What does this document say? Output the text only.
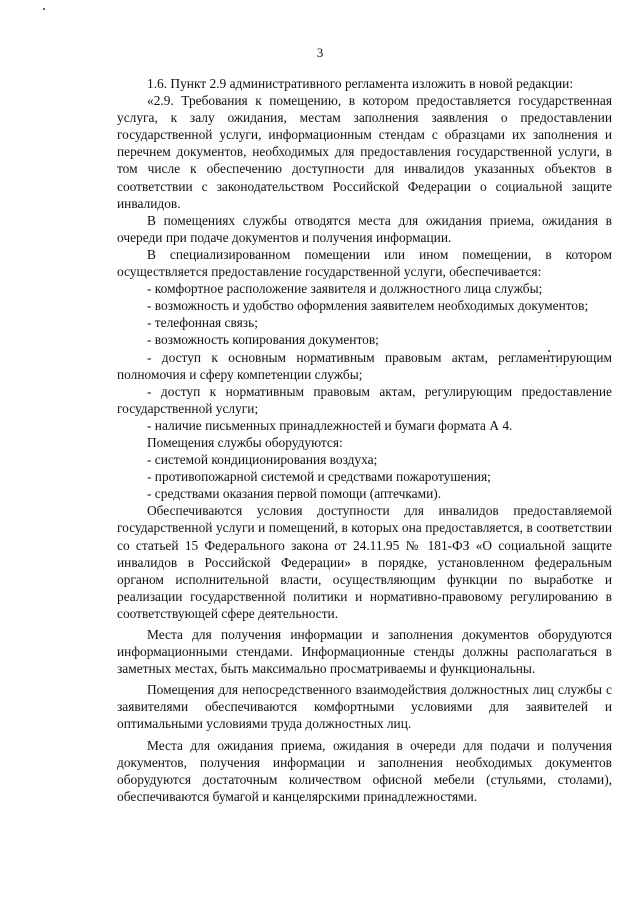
3

1.6. Пункт 2.9 административного регламента изложить в новой редакции:

«2.9. Требования к помещению, в котором предоставляется государственная услуга, к залу ожидания, местам заполнения заявления о предоставлении государственной услуги, информационным стендам с образцами их заполнения и перечнем документов, необходимых для предоставления государственной услуги, в том числе к обеспечению доступности для инвалидов указанных объектов в соответствии с законодательством Российской Федерации о социальной защите инвалидов.

В помещениях службы отводятся места для ожидания приема, ожидания в очереди при подаче документов и получения информации.

В специализированном помещении или ином помещении, в котором осуществляется предоставление государственной услуги, обеспечивается:

- комфортное расположение заявителя и должностного лица службы;

- возможность и удобство оформления заявителем необходимых документов;

- телефонная связь;

- возможность копирования документов;

- доступ к основным нормативным правовым актам, регламентирующим полномочия и сферу компетенции службы;

- доступ к нормативным правовым актам, регулирующим предоставление государственной услуги;

- наличие письменных принадлежностей и бумаги формата А 4.

Помещения службы оборудуются:

- системой кондиционирования воздуха;

- противопожарной системой и средствами пожаротушения;

- средствами оказания первой помощи (аптечками).

Обеспечиваются условия доступности для инвалидов предоставляемой государственной услуги и помещений, в которых она предоставляется, в соответствии со статьей 15 Федерального закона от 24.11.95 № 181-ФЗ «О социальной защите инвалидов в Российской Федерации» в порядке, установленном федеральным органом исполнительной власти, осуществляющим функции по выработке и реализации государственной политики и нормативно-правовому регулированию в соответствующей сфере деятельности.

Места для получения информации и заполнения документов оборудуются информационными стендами. Информационные стенды должны располагаться в заметных местах, быть максимально просматриваемы и функциональны.

Помещения для непосредственного взаимодействия должностных лиц службы с заявителями обеспечиваются комфортными условиями для заявителей и оптимальными условиями труда должностных лиц.

Места для ожидания приема, ожидания в очереди для подачи и получения документов, получения информации и заполнения необходимых документов оборудуются достаточным количеством офисной мебели (стульями, столами), обеспечиваются бумагой и канцелярскими принадлежностями.
